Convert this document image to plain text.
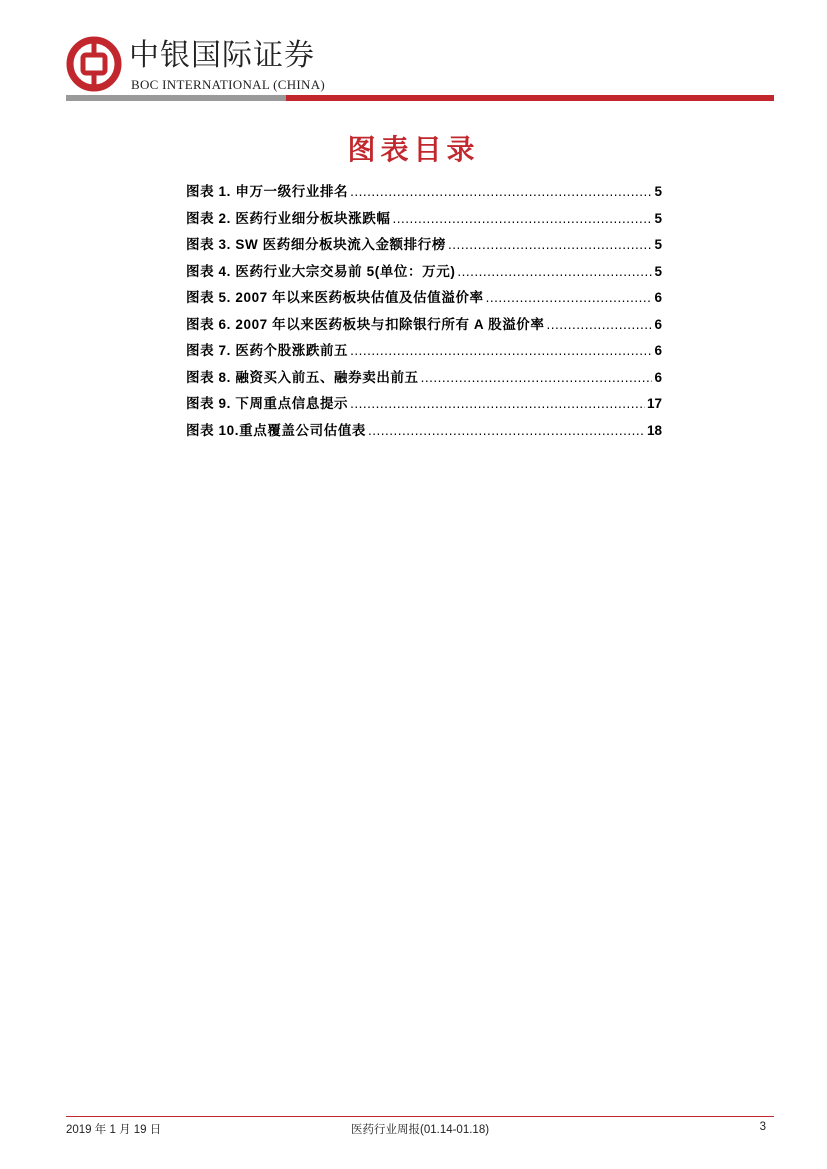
中银国际证券
BOC INTERNATIONAL (CHINA)
图表目录
图表 1. 申万一级行业排名 .....	5
图表 2. 医药行业细分板块涨跌幅 .....	5
图表 3. SW 医药细分板块流入金额排行榜 .....	5
图表 4. 医药行业大宗交易前 5(单位：万元) .....	5
图表 5. 2007 年以来医药板块估值及估值溢价率 .....	6
图表 6. 2007 年以来医药板块与扣除银行所有 A 股溢价率 .....	6
图表 7. 医药个股涨跌前五 .....	6
图表 8. 融资买入前五、融券卖出前五 .....	6
图表 9. 下周重点信息提示 .....	17
图表 10.重点覆盖公司估值表 .....	18
2019 年 1 月 19 日	医药行业周报(01.14-01.18)	3
